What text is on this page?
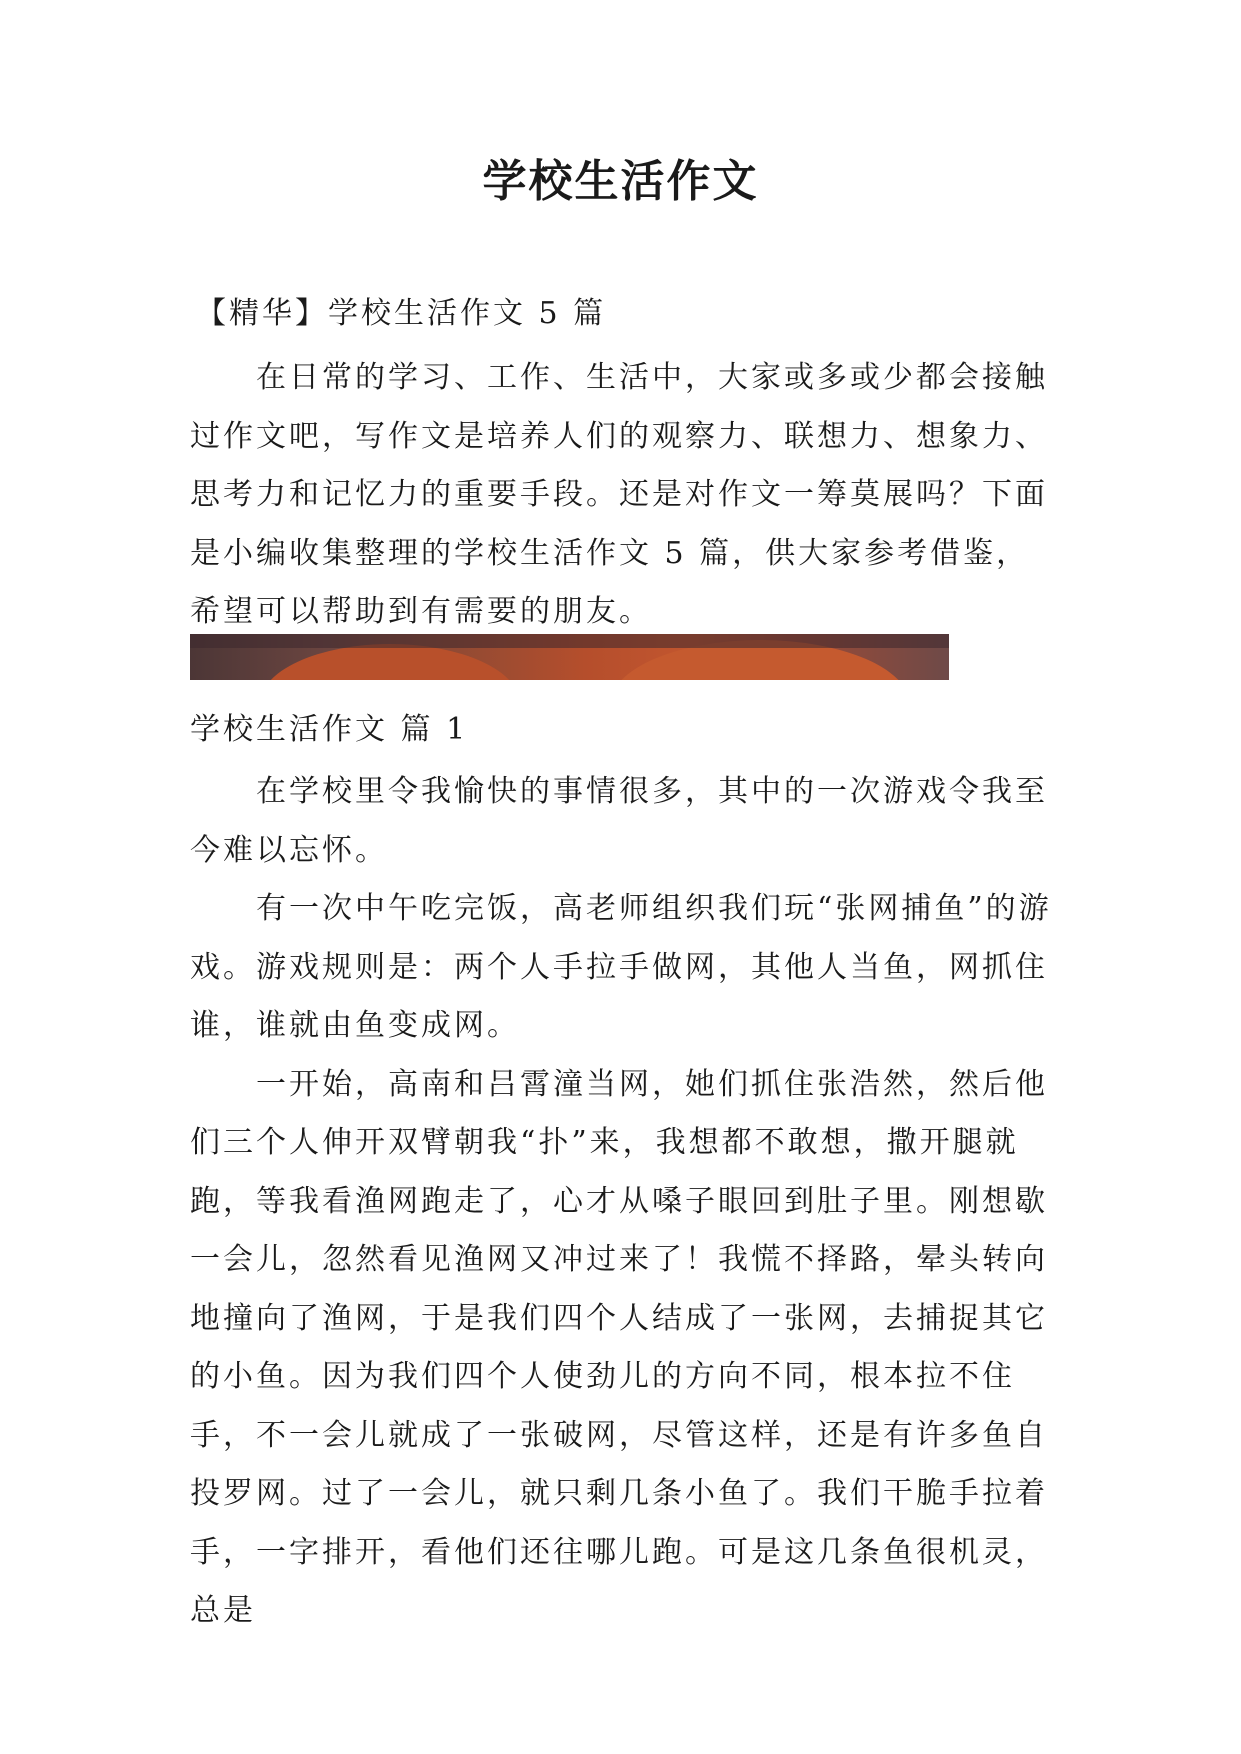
学校生活作文
【精华】学校生活作文 5 篇
在日常的学习、工作、生活中，大家或多或少都会接触过作文吧，写作文是培养人们的观察力、联想力、想象力、思考力和记忆力的重要手段。还是对作文一筹莫展吗？下面是小编收集整理的学校生活作文 5 篇，供大家参考借鉴，希望可以帮助到有需要的朋友。
学校生活作文 篇 1

在学校里令我愉快的事情很多，其中的一次游戏令我至今难以忘怀。

有一次中午吃完饭，高老师组织我们玩“张网捕鱼”的游戏。游戏规则是：两个人手拉手做网，其他人当鱼，网抓住谁，谁就由鱼变成网。

一开始，高南和吕霄潼当网，她们抓住张浩然，然后他们三个人伸开双臂朝我“扑”来，我想都不敢想，撒开腿就跑，等我看渔网跑走了，心才从嗓子眼回到肚子里。刚想歇一会儿，忽然看见渔网又冲过来了！我慌不择路，晕头转向地撞向了渔网，于是我们四个人结成了一张网，去捕捉其它的小鱼。因为我们四个人使劲儿的方向不同，根本拉不住手，不一会儿就成了一张破网，尽管这样，还是有许多鱼自投罗网。过了一会儿，就只剩几条小鱼了。我们干脆手拉着手，一字排开，看他们还往哪儿跑。可是这几条鱼很机灵，总是
